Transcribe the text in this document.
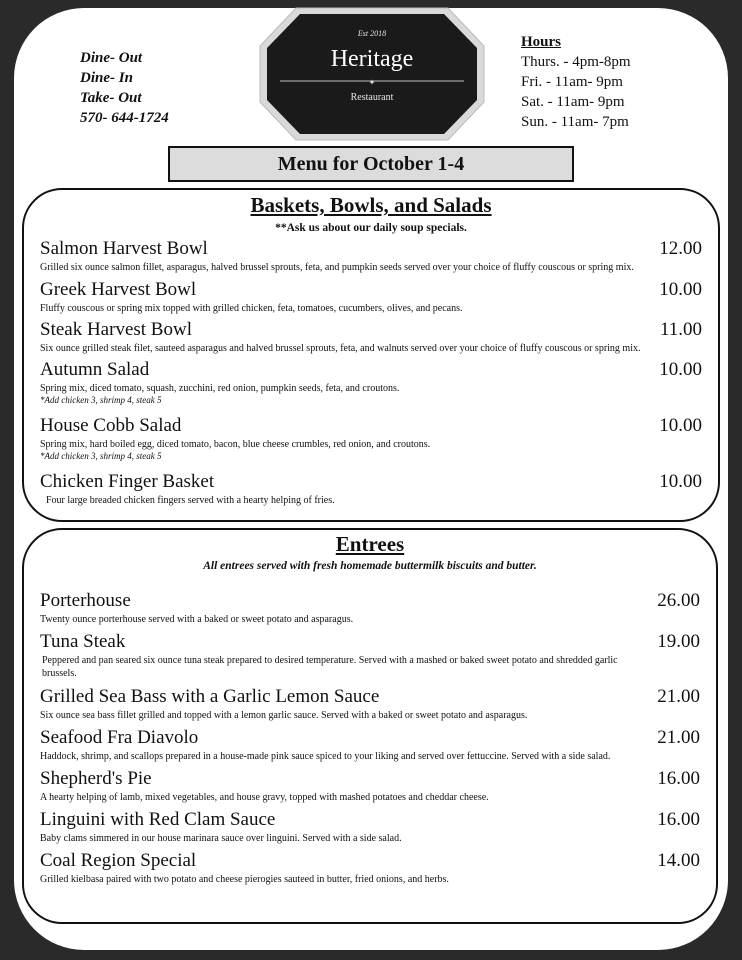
Dine- Out
Dine- In
Take- Out
570- 644-1724
Est 2018
Heritage
✦
Restaurant
Hours
Thurs. - 4pm-8pm
Fri. - 11am- 9pm
Sat. - 11am- 9pm
Sun. - 11am- 7pm
Menu for October 1-4
Baskets, Bowls, and Salads
**Ask us about our daily soup specials.
Salmon Harvest Bowl	12.00
Grilled six ounce salmon fillet, asparagus, halved brussel sprouts, feta, and pumpkin seeds served over your choice of fluffy couscous or spring mix.
Greek Harvest Bowl	10.00
Fluffy couscous or spring mix topped with grilled chicken, feta, tomatoes, cucumbers, olives, and pecans.
Steak Harvest Bowl	11.00
Six ounce grilled steak filet, sauteed asparagus and halved brussel sprouts, feta, and walnuts served over your choice of fluffy couscous or spring mix.
Autumn Salad	10.00
Spring mix, diced tomato, squash, zucchini, red onion, pumpkin seeds, feta, and croutons.
*Add chicken 3, shrimp 4, steak 5
House Cobb Salad	10.00
Spring mix, hard boiled egg, diced tomato, bacon, blue cheese crumbles, red onion, and croutons.
*Add chicken 3, shrimp 4, steak 5
Chicken Finger Basket	10.00
Four large breaded chicken fingers served with a hearty helping of fries.
Entrees
All entrees served with fresh homemade buttermilk biscuits and butter.
Porterhouse	26.00
Twenty ounce porterhouse served with a baked or sweet potato and asparagus.
Tuna Steak	19.00
Peppered and pan seared six ounce tuna steak prepared to desired temperature. Served with a mashed or baked sweet potato and shredded garlic brussels.
Grilled Sea Bass with a Garlic Lemon Sauce	21.00
Six ounce sea bass fillet grilled and topped with a lemon garlic sauce. Served with a baked or sweet potato and asparagus.
Seafood Fra Diavolo	21.00
Haddock, shrimp, and scallops prepared in a house-made pink sauce spiced to your liking and served over fettuccine. Served with a side salad.
Shepherd's Pie	16.00
A hearty helping of lamb, mixed vegetables, and house gravy, topped with mashed potatoes and cheddar cheese.
Linguini with Red Clam Sauce	16.00
Baby clams simmered in our house marinara sauce over linguini. Served with a side salad.
Coal Region Special	14.00
Grilled kielbasa paired with two potato and cheese pierogies sauteed in butter, fried onions, and herbs.
